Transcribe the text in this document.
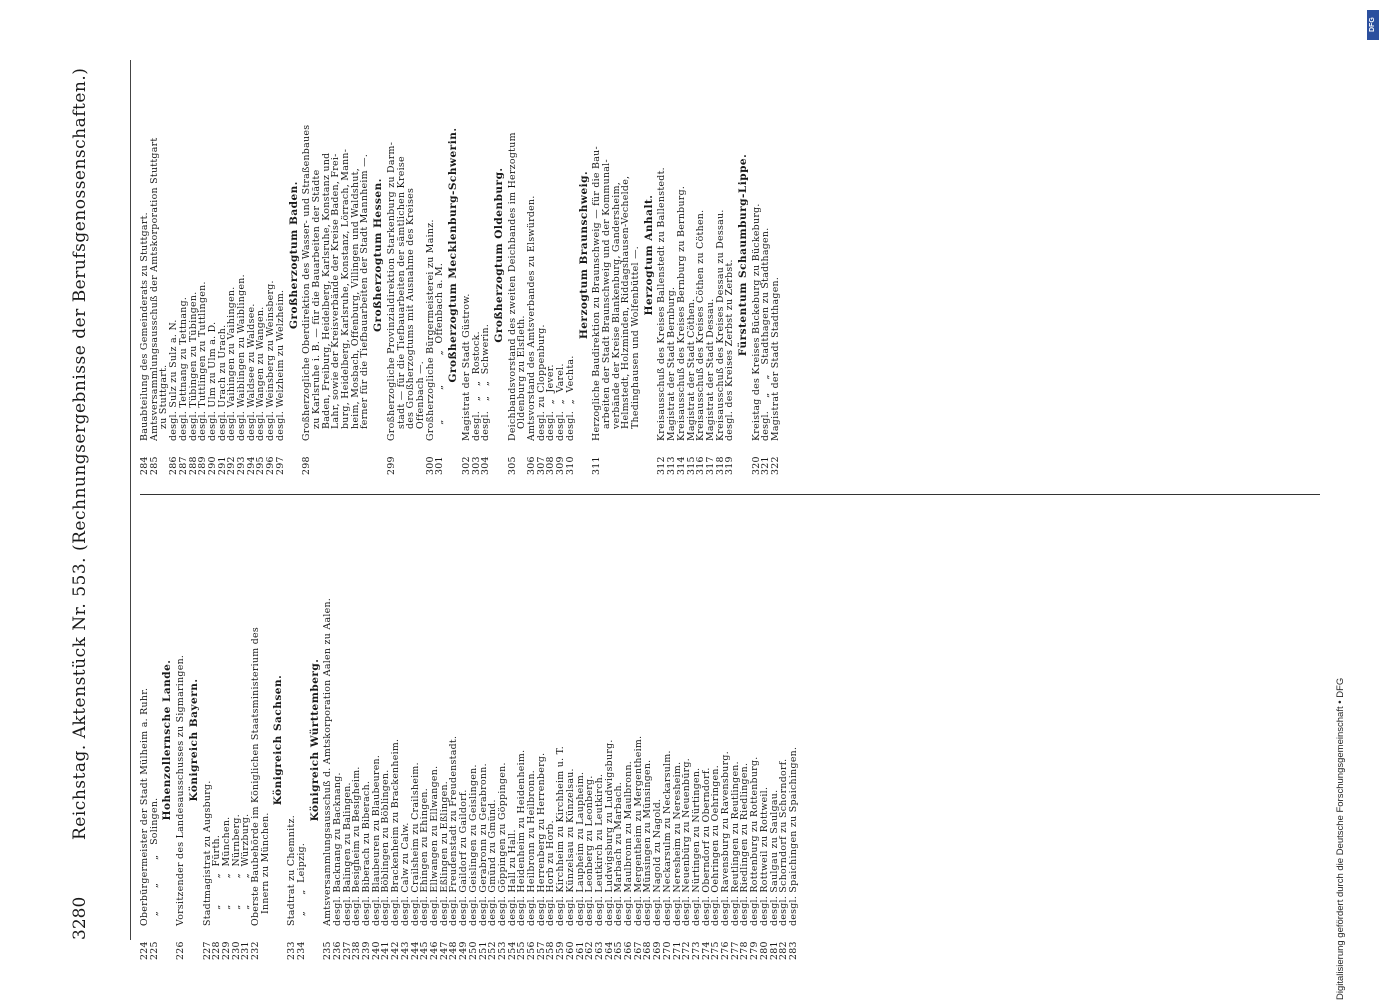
3280
Reichstag. Aktenstück Nr. 553. (Rechnungsergebnisse der Berufsgenossenschaften.)
224
Oberbürgermeister der Stadt Mülheim a. Ruhr.
225
„       „       „   Solingen.
Hohenzollernsche Lande.
226
Vorsitzender des Landesausschusses zu Sigmaringen. Königreich Bayern.
227
Stadtmagistrat zu Augsburg.
228
„        „  Fürth.
229
„        „  München.
230
„        „  Nürnberg.
231
„        „  Würzburg.
232
Oberste Baubehörde im Königlichen Staatsministerium des
Innern zu München.
Königreich Sachsen.
233
Stadtrat zu Chemnitz.
234
„     „  Leipzig.
Königreich Württemberg.
235
Amtsversammlungsausschuß d. Amtskorporation Aalen zu Aalen.
236
desgl. Backnang zu Backnang.
237
desgl. Balingen zu Balingen.
238
desgl. Besigheim zu Besigheim.
239
desgl. Biberach zu Biberach.
240
desgl. Blaubeuren zu Blaubeuren.
241
desgl. Böblingen zu Böblingen.
242
desgl. Brackenheim zu Brackenheim.
243
desgl. Calw zu Calw.
244
desgl. Crailsheim zu Crailsheim.
245
desgl. Ehingen zu Ehingen.
246
desgl. Ellwangen zu Ellwangen.
247
desgl. Eßlingen zu Eßlingen.
248
desgl. Freudenstadt zu Freudenstadt.
249
desgl. Gaildorf zu Gaildorf.
250
desgl. Geislingen zu Geislingen.
251
desgl. Gerabronn zu Gerabronn.
252
desgl. Gmünd zu Gmünd.
253
desgl. Göppingen zu Göppingen.
254
desgl. Hall zu Hall.
255
desgl. Heidenheim zu Heidenheim.
256
desgl. Heilbronn zu Heilbronn.
257
desgl. Herrenberg zu Herrenberg.
258
desgl. Horb zu Horb.
259
desgl. Kirchheim zu Kirchheim u. T.
260
desgl. Künzelsau zu Künzelsau.
261
desgl. Laupheim zu Laupheim.
262
desgl. Leonberg zu Leonberg.
263
desgl. Leutkirch zu Leutkirch.
264
desgl. Ludwigsburg zu Ludwigsburg.
265
desgl. Marbach zu Marbach.
266
desgl. Maulbronn zu Maulbronn.
267
desgl. Mergentheim zu Mergentheim.
268
desgl. Münsingen zu Münsingen.
269
desgl. Nagold zu Nagold.
270
desgl. Neckarsulm zu Neckarsulm.
271
desgl. Neresheim zu Neresheim.
272
desgl. Neuenbürg zu Neuenbürg.
273
desgl. Nürtingen zu Nürtingen.
274
desgl. Oberndorf zu Oberndorf.
275
desgl. Oehringen zu Oehringen.
276
desgl. Ravensburg zu Ravensburg.
277
desgl. Reutlingen zu Reutlingen.
278
desgl. Riedlingen zu Riedlingen.
279
desgl. Rottenburg zu Rottenburg.
280
desgl. Rottweil zu Rottweil.
281
desgl. Saulgau zu Saulgau.
282
desgl. Schorndorf zu Schorndorf.
283
desgl. Spaichingen zu Spaichingen.
284
Bauabteilung des Gemeinderats zu Stuttgart.
285
Amtsversammlungsausschuß der Amtskorporation Stuttgart
zu Stuttgart.
286
desgl. Sulz zu Sulz a. N.
287
desgl. Tettnang zu Tettnang.
288
desgl. Tübingen zu Tübingen.
289
desgl. Tuttlingen zu Tuttlingen.
290
desgl. Ulm zu Ulm a. D.
291
desgl. Urach zu Urach.
292
desgl. Vaihingen zu Vaihingen.
293
desgl. Waiblingen zu Waiblingen.
294
desgl. Waldsee zu Waldsee.
295
desgl. Wangen zu Wangen.
296
desgl. Weinsberg zu Weinsberg.
297
desgl. Welzheim zu Welzheim.
Großherzogtum Baden.
298
Großherzogliche Oberdirektion des Wasser- und Straßenbaues
zu Karlsruhe i. B. — für die Bauarbeiten der Städte
Baden, Freiburg, Heidelberg, Karlsruhe, Konstanz und
Lahr, sowie der Kreisverbände der Kreise Baden, Frei-
burg, Heidelberg, Karlsruhe, Konstanz, Lörrach, Mann-
heim, Mosbach, Offenburg, Villingen und Waldshut,
ferner für die Tiefbauarbeiten der Stadt Mannheim —. Großherzogtum Hessen.
299
Großherzogliche Provinzialdirektion Starkenburg zu Darm-
stadt — für die Tiefbauarbeiten der sämtlichen Kreise
des Großherzogtums mit Ausnahme des Kreises
Offenbach —.
300
Großherzogliche Bürgermeisterei zu Mainz.
301
„         „         „  Offenbach a. M. Großherzogtum Mecklenburg-Schwerin.
302
Magistrat der Stadt Güstrow.
303
desgl.   „   „  Rostock.
304
desgl.   „   „  Schwerin.
Großherzogtum Oldenburg.
305
Deichbandsvorstand des zweiten Deichbandes im Herzogtum
Oldenburg zu Elsfleth.
306
Amtsvorstand des Amtsverbandes zu Elswürden.
307
desgl. zu Cloppenburg.
308
desgl.  „  Jever.
309
desgl.  „  Varel.
310
desgl.  „  Vechta.
Herzogtum Braunschweig.
311
Herzogliche Baudirektion zu Braunschweig — für die Bau-
arbeiten der Stadt Braunschweig und der Kommunal-
verbände der Kreise Blankenburg, Gandersheim,
Helmstedt, Holzminden, Riddagshausen-Vechelde,
Thedinghausen und Wolfenbüttel —. Herzogtum Anhalt.
312
Kreisausschuß des Kreises Ballenstedt zu Ballenstedt.
313
Magistrat der Stadt Bernburg.
314
Kreisausschuß des Kreises Bernburg zu Bernburg.
315
Magistrat der Stadt Cöthen.
316
Kreisausschuß des Kreises Cöthen zu Cöthen.
317
Magistrat der Stadt Dessau.
318
Kreisausschuß des Kreises Dessau zu Dessau.
319
desgl. des Kreises Zerbst zu Zerbst. Fürstentum Schaumburg-Lippe.
320
Kreistag des Kreises Bückeburg zu Bückeburg.
321
desgl.    „    „   Stadthagen zu Stadthagen.
322
Magistrat der Stadt Stadthagen.
Digitalisierung gefördert durch die Deutsche Forschungsgemeinschaft • DFG
DFG
